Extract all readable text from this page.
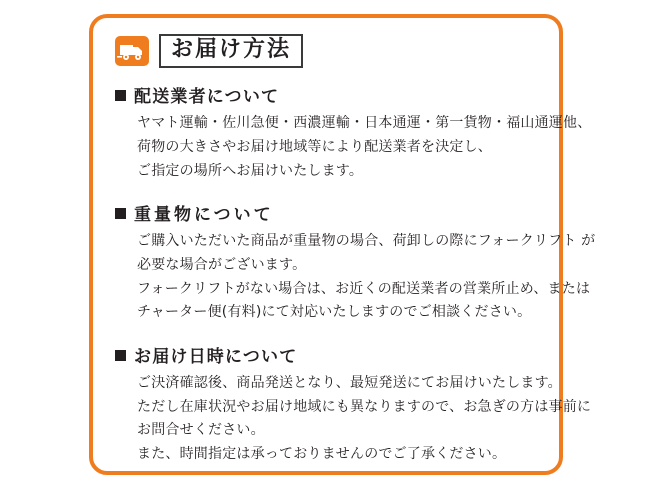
お届け方法
配送業者について

ヤマト運輸・佐川急便・西濃運輸・日本通運・第一貨物・福山通運他、

荷物の大きさやお届け地域等により配送業者を決定し、

ご指定の場所へお届けいたします。

重量物について

ご購入いただいた商品が重量物の場合、荷卸しの際にフォークリフト が

必要な場合がございます。

フォークリフトがない場合は、お近くの配送業者の営業所止め、または

チャーター便(有料)にて対応いたしますのでご相談ください。

お届け日時について

ご決済確認後、商品発送となり、最短発送にてお届けいたします。

ただし在庫状況やお届け地域にも異なりますので、お急ぎの方は事前に

お問合せください。

また、時間指定は承っておりませんのでご了承ください。
